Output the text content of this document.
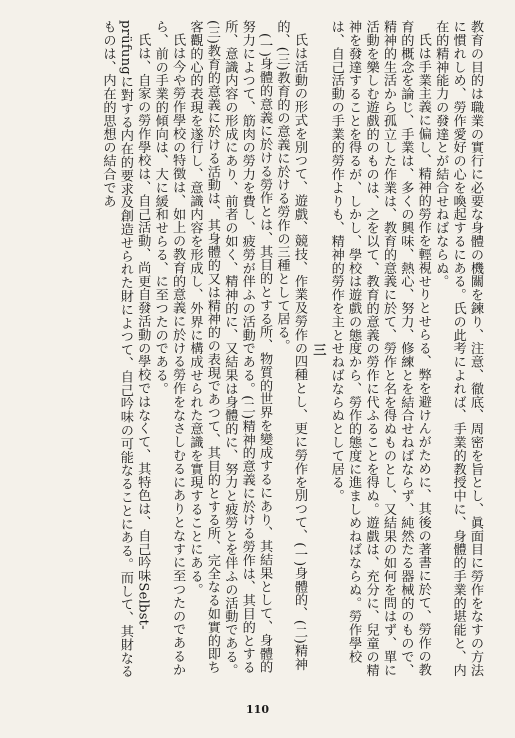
教育の目的は職業の實行に必要な身體の機關を鍊り、注意、徹底、周密を旨とし、眞面目に勞作をなすの方法に慣れしめ、勞作愛好の心を喚起するにある。氏の此考によれば、手業的教授中に、身體的手業的堪能と、内在的精神能力の發達とが結合せねばならぬ。

氏は手業主義に偏し、精神的勞作を輕視せりとせらる、弊を避けんがために、其後の著書に於て、勞作の教育的概念を論じ、手業は、多くの興味、熱心、努力、修練とを結合せねばならず、純然たる器械的のもので、精神的生活から孤立した作業は、教育的意義に於て、勞作と名を得ぬものとし、又結果の如何を問はず、單に活動を樂しむ遊戲的のものは、之を以て、教育的意義の勞作に代ふることを得ぬ。遊戲は、充分に、兒童の精神を發達することを得るが、しかし、學校は遊戲の態度から、勞作的態度に進ましめねばならぬ。勞作學校は、自己活動の手業的勞作よりも、精神的勞作を主とせねばならぬとして居る。

三

氏は活動の形式を別つて、遊戲、競技、作業及勞作の四種とし、更に勞作を別つて、(一)身體的、(二)精神的、(三)教育的の意義に於ける勞作の三種として居る。

(一)身體的意義に於ける勞作とは、其目的とする所、物質的世界を變成するにあり、其結果として、身體的努力によつて、筋肉の勞力を費し、疲勞が伴ふの活動である。(二)精神的意義に於ける勞作は、其目的とする所、意識内容の形成にあり、前者の如く、精神的に、又結果は身體的に、努力と疲勞とを伴ふの活動である。(三)教育的意義に於ける活動は、其身體的又は精神的の表現であつて、其目的とする所、完全なる如實的即ち客觀的心的表現を遂行し、意識内容を形成し、外界に構成せられた意識を實現することにある。

氏は今や勞作學校の特徴は、如上の教育的意義に於ける勞作をなさしむるにありとなすに至つたのであるから、前の手業的傾向は、大に緩和せらる、に至つたのである。

氏は、自家の勞作學校は、自己活動、尚更自發活動の學校ではなくて、其特色は、自己吟味Selbst-prüfungに對する内在的要求及創造せられた財によつて、自己吟味の可能なることにある。而して、其財なるものは、内在的思想の結合であ

110
